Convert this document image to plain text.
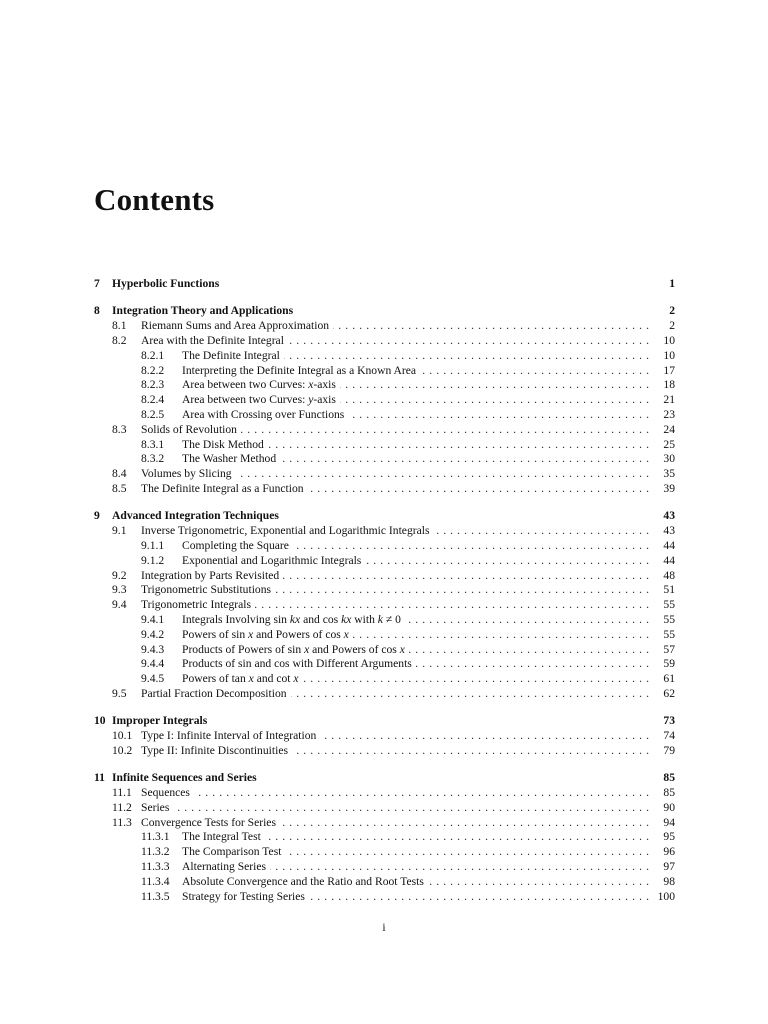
Contents
7	Hyperbolic Functions	1
8	Integration Theory and Applications	2
8.1	Riemann Sums and Area Approximation . . .	2
8.2	Area with the Definite Integral . . .	10
8.2.1	The Definite Integral . . .	10
8.2.2	Interpreting the Definite Integral as a Known Area . . .	17
8.2.3	Area between two Curves: x-axis . . .	18
8.2.4	Area between two Curves: y-axis . . .	21
8.2.5	Area with Crossing over Functions . . .	23
8.3	Solids of Revolution . . .	24
8.3.1	The Disk Method . . .	25
8.3.2	The Washer Method . . .	30
8.4	Volumes by Slicing . . .	35
8.5	The Definite Integral as a Function . . .	39
9	Advanced Integration Techniques	43
9.1	Inverse Trigonometric, Exponential and Logarithmic Integrals . . .	43
9.1.1	Completing the Square . . .	44
9.1.2	Exponential and Logarithmic Integrals . . .	44
9.2	Integration by Parts Revisited . . .	48
9.3	Trigonometric Substitutions . . .	51
9.4	Trigonometric Integrals . . .	55
9.4.1	Integrals Involving sin kx and cos kx with k ≠ 0 . . .	55
9.4.2	Powers of sin x and Powers of cos x . . .	55
9.4.3	Products of Powers of sin x and Powers of cos x . . .	57
9.4.4	Products of sin and cos with Different Arguments . . .	59
9.4.5	Powers of tan x and cot x . . .	61
9.5	Partial Fraction Decomposition . . .	62
10 Improper Integrals	73
10.1 Type I: Infinite Interval of Integration . . .	74
10.2 Type II: Infinite Discontinuities . . .	79
11 Infinite Sequences and Series	85
11.1 Sequences . . .	85
11.2 Series . . .	90
11.3 Convergence Tests for Series . . .	94
11.3.1	The Integral Test . . .	95
11.3.2	The Comparison Test . . .	96
11.3.3	Alternating Series . . .	97
11.3.4	Absolute Convergence and the Ratio and Root Tests . . .	98
11.3.5	Strategy for Testing Series . . .	100
i
